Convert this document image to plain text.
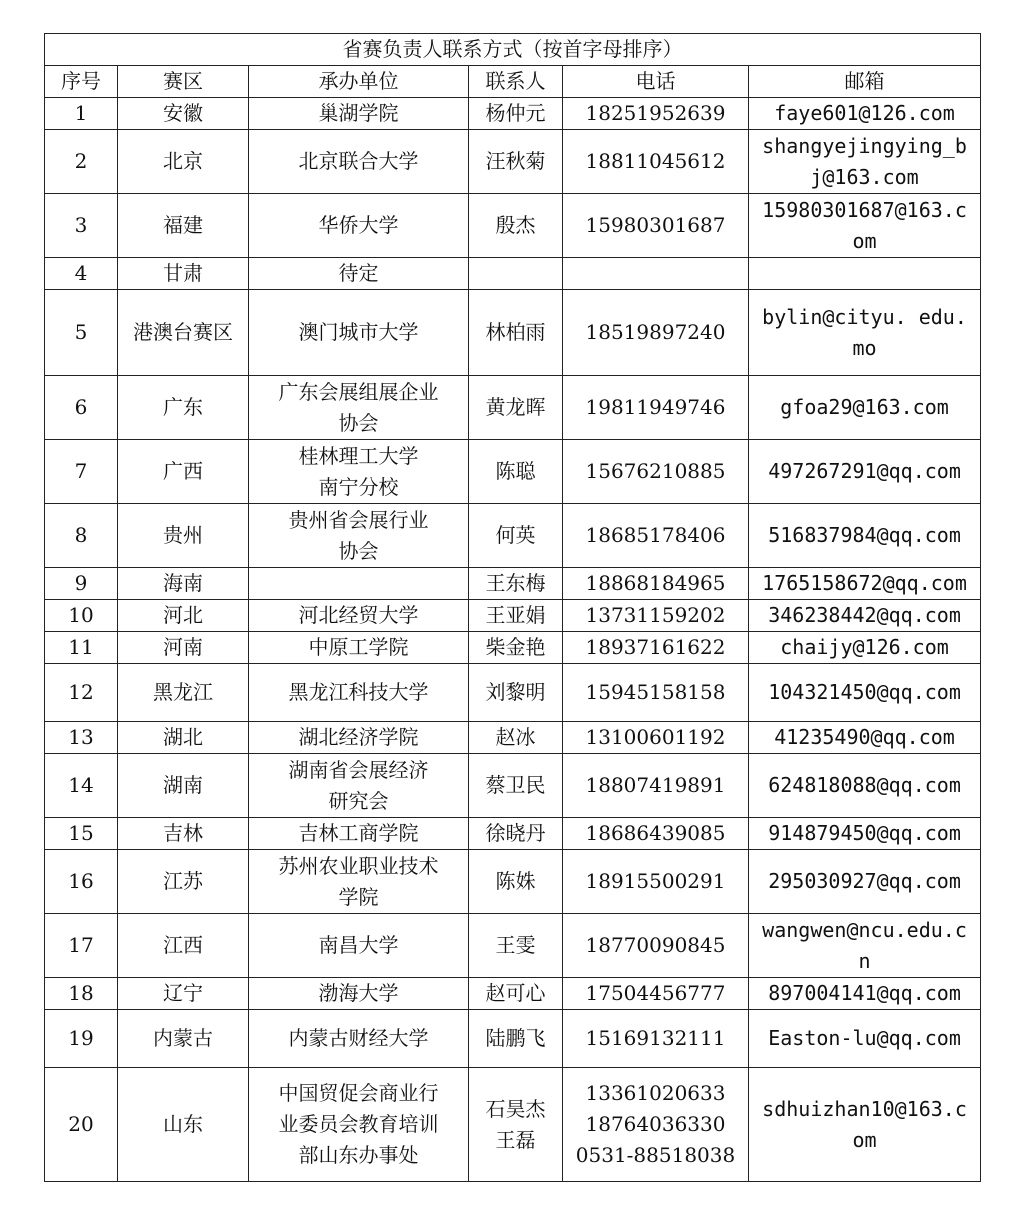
省赛负责人联系方式（按首字母排序）					
序号	赛区	承办单位	联系人	电话	邮箱
1	安徽	巢湖学院	杨仲元	18251952639	faye601@126.com

2	北京	北京联合大学	汪秋菊	18811045612	shangyejingying_b
j@163.com

3	福建	华侨大学	殷杰	15980301687	15980301687@163.c
om

4	甘肃	待定			

5	港澳台赛区	澳门城市大学	林柏雨	18519897240	bylin@cityu. edu.
mo

6	广东	广东会展组展企业
协会	黄龙晖	19811949746	gfoa29@163.com

7	广西	桂林理工大学
南宁分校	陈聪	15676210885	497267291@qq.com

8	贵州	贵州省会展行业
协会	何英	18685178406	516837984@qq.com

9	海南		王东梅	18868184965	1765158672@qq.com

10	河北	河北经贸大学	王亚娟	13731159202	346238442@qq.com

11	河南	中原工学院	柴金艳	18937161622	chaijy@126.com

12	黑龙江	黑龙江科技大学	刘黎明	15945158158	104321450@qq.com

13	湖北	湖北经济学院	赵冰	13100601192	41235490@qq.com

14	湖南	湖南省会展经济
研究会	蔡卫民	18807419891	624818088@qq.com

15	吉林	吉林工商学院	徐晓丹	18686439085	914879450@qq.com

16	江苏	苏州农业职业技术
学院	陈姝	18915500291	295030927@qq.com

17	江西	南昌大学	王雯	18770090845	wangwen@ncu.edu.c
n

18	辽宁	渤海大学	赵可心	17504456777	897004141@qq.com

19	内蒙古	内蒙古财经大学	陆鹏飞	15169132111	Easton-lu@qq.com

20	山东	中国贸促会商业行
业委员会教育培训
部山东办事处	石昊杰
王磊	13361020633
18764036330
0531-88518038	sdhuizhan10@163.c
om
